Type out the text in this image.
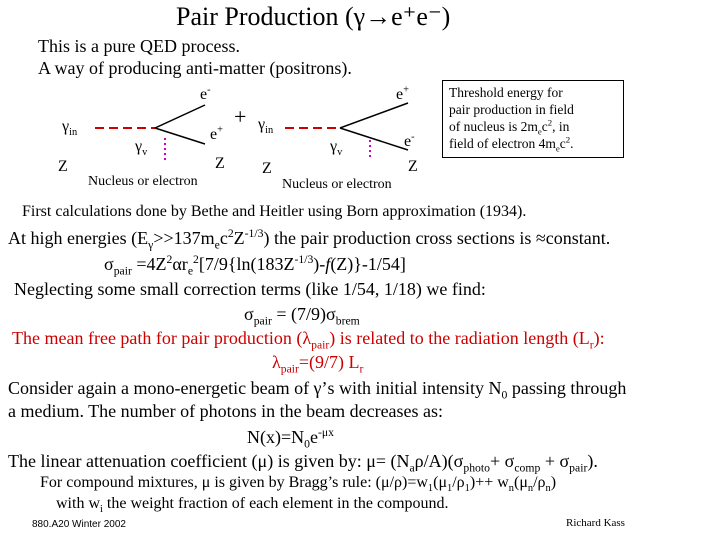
Pair Production (γ→e⁺e⁻)
This is a pure QED process.
A way of producing anti-matter (positrons).
e-
$\gamma_{in}$
$\gamma_v$
e+
Z	Z
Nucleus or electron
+
e+
$\gamma_{in}$
$\gamma_v$
e-
Z	Z
Nucleus or electron
Threshold energy for
pair production in field
of nucleus is $2m_ec^2$, in
field of electron $4m_ec^2$.
First calculations done by Bethe and Heitler using Born approximation (1934).
At high energies $(E_\gamma>>137m_ec^2Z^{-1/3})$ the pair production cross sections is ≈constant.
$\sigma_{pair} =4Z^2\alpha r_e^2[7/9\{\ln(183Z^{-1/3})-f(Z)\}-1/54]$
Neglecting some small correction terms (like 1/54, 1/18) we find:
$\sigma_{pair} = (7/9)\sigma_{brem}$
The mean free path for pair production $(\lambda_{pair})$ is related to the radiation length $(L_r)$:
$\lambda_{pair}=(9/7)$ $L_r$
Consider again a mono-energetic beam of γ’s with initial intensity $N_0$ passing through
a medium. The number of photons in the beam decreases as:
$N(x)=N_0e^{-\mu x}$
The linear attenuation coefficient (μ) is given by: $\mu= (N_a\rho/A)(\sigma_{photo}+ \sigma_{comp} + \sigma_{pair})$.
For compound mixtures, μ is given by Bragg’s rule: $(\mu/\rho)=w_1(\mu_1/\rho_1)++ w_n(\mu_n/\rho_n)$
with $w_i$ the weight fraction of each element in the compound.
880.A20 Winter 2002	Richard Kass
